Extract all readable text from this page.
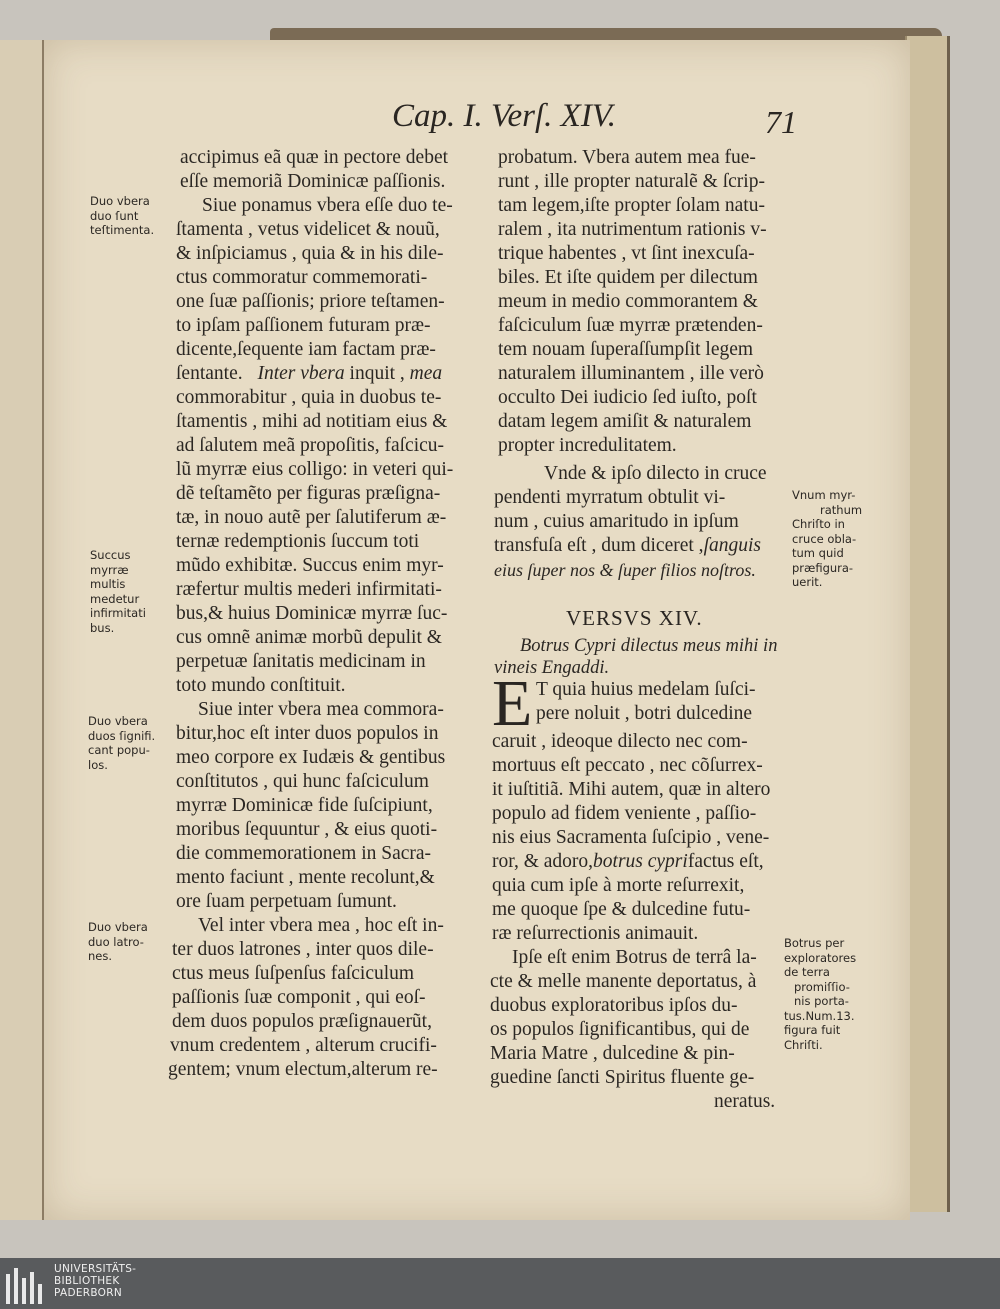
Cap. I. Verſ. XIV.	71
accipimus eã quæ in pectore debet
eſſe memoriã Dominicæ paſſionis.
Siue ponamus vbera eſſe duo te-
ſtamenta , vetus videlicet & nouũ,
& inſpiciamus , quia & in his dile-
ctus commoratur commemorati-
one ſuæ paſſionis; priore teſtamen-
to ipſam paſſionem futuram præ-
dicente,ſequente iam factam præ-
ſentante. Inter vbera inquit , mea
commorabitur , quia in duobus te-
ſtamentis , mihi ad notitiam eius &
ad ſalutem meã propoſitis, faſcicu-
lũ myrræ eius colligo: in veteri qui-
dẽ teſtamẽto per figuras præſigna-
tæ, in nouo autẽ per ſalutiferum æ-
ternæ redemptionis ſuccum toti
mũdo exhibitæ. Succus enim myr-
ræfertur multis mederi infirmitati-
bus,& huius Dominicæ myrræ ſuc-
cus omnẽ animæ morbũ depulit &
perpetuæ ſanitatis medicinam in
toto mundo conſtituit.
Siue inter vbera mea commora-
bitur,hoc eſt inter duos populos in
meo corpore ex Iudæis & gentibus
conſtitutos , qui hunc faſciculum
myrræ Dominicæ fide ſuſcipiunt,
moribus ſequuntur , & eius quoti-
die commemorationem in Sacra-
mento faciunt , mente recolunt,&
ore ſuam perpetuam ſumunt.
Vel inter vbera mea , hoc eſt in-
ter duos latrones , inter quos dile-
ctus meus ſuſpenſus faſciculum
paſſionis ſuæ componit , qui eoſ-
dem duos populos præſignauerũt,
vnum credentem , alterum crucifi-
gentem; vnum electum,alterum re-
probatum. Vbera autem mea fue-
runt , ille propter naturalẽ & ſcrip-
tam legem,iſte propter ſolam natu-
ralem , ita nutrimentum rationis v-
trique habentes , vt ſint inexcuſa-
biles. Et iſte quidem per dilectum
meum in medio commorantem &
faſciculum ſuæ myrræ prætenden-
tem nouam ſuperaſſumpſit legem
naturalem illuminantem , ille verò
occulto Dei iudicio ſed iuſto, poſt
datam legem amiſit & naturalem
propter incredulitatem.
Vnde & ipſo dilecto in cruce
pendenti myrratum obtulit vi-
num , cuius amaritudo in ipſum
transfuſa eſt , dum diceret ,ſanguis
eius ſuper nos & ſuper filios noſtros.
VERSVS XIV.
Botrus Cypri dilectus meus mihi in
vineis Engaddi.
E T quia huius medelam ſuſci-
pere noluit , botri dulcedine
caruit , ideoque dilecto nec com-
mortuus eſt peccato , nec cõſurrex-
it iuſtitiã. Mihi autem, quæ in altero
populo ad fidem veniente , paſſio-
nis eius Sacramenta ſuſcipio , vene-
ror, & adoro,botrus cyprifactus eſt,
quia cum ipſe à morte reſurrexit,
me quoque ſpe & dulcedine futu-
ræ reſurrectionis animauit.
Ipſe eſt enim Botrus de terrâ la-
cte & melle manente deportatus, à
duobus exploratoribus ipſos du-
os populos ſignificantibus, qui de
Maria Matre , dulcedine & pin-
guedine ſancti Spiritus fluente ge-
neratus.
Duo vbera
duo ſunt
teſtimenta.
Succus
myrræ
multis
medetur
infirmitati
bus.
Duo vbera
duos ſignifi.
cant popu-
los.
Duo vbera
duo latro-
nes.
Vnum myr-
rathum
Chriſto in
cruce obla-
tum quid
præfigura-
uerit.
Botrus per
exploratores
de terra
promiſſio-
nis porta-
tus.Num.13.
figura fuit
Chriſti.
UNIVERSITÄTS-
BIBLIOTHEK
PADERBORN
